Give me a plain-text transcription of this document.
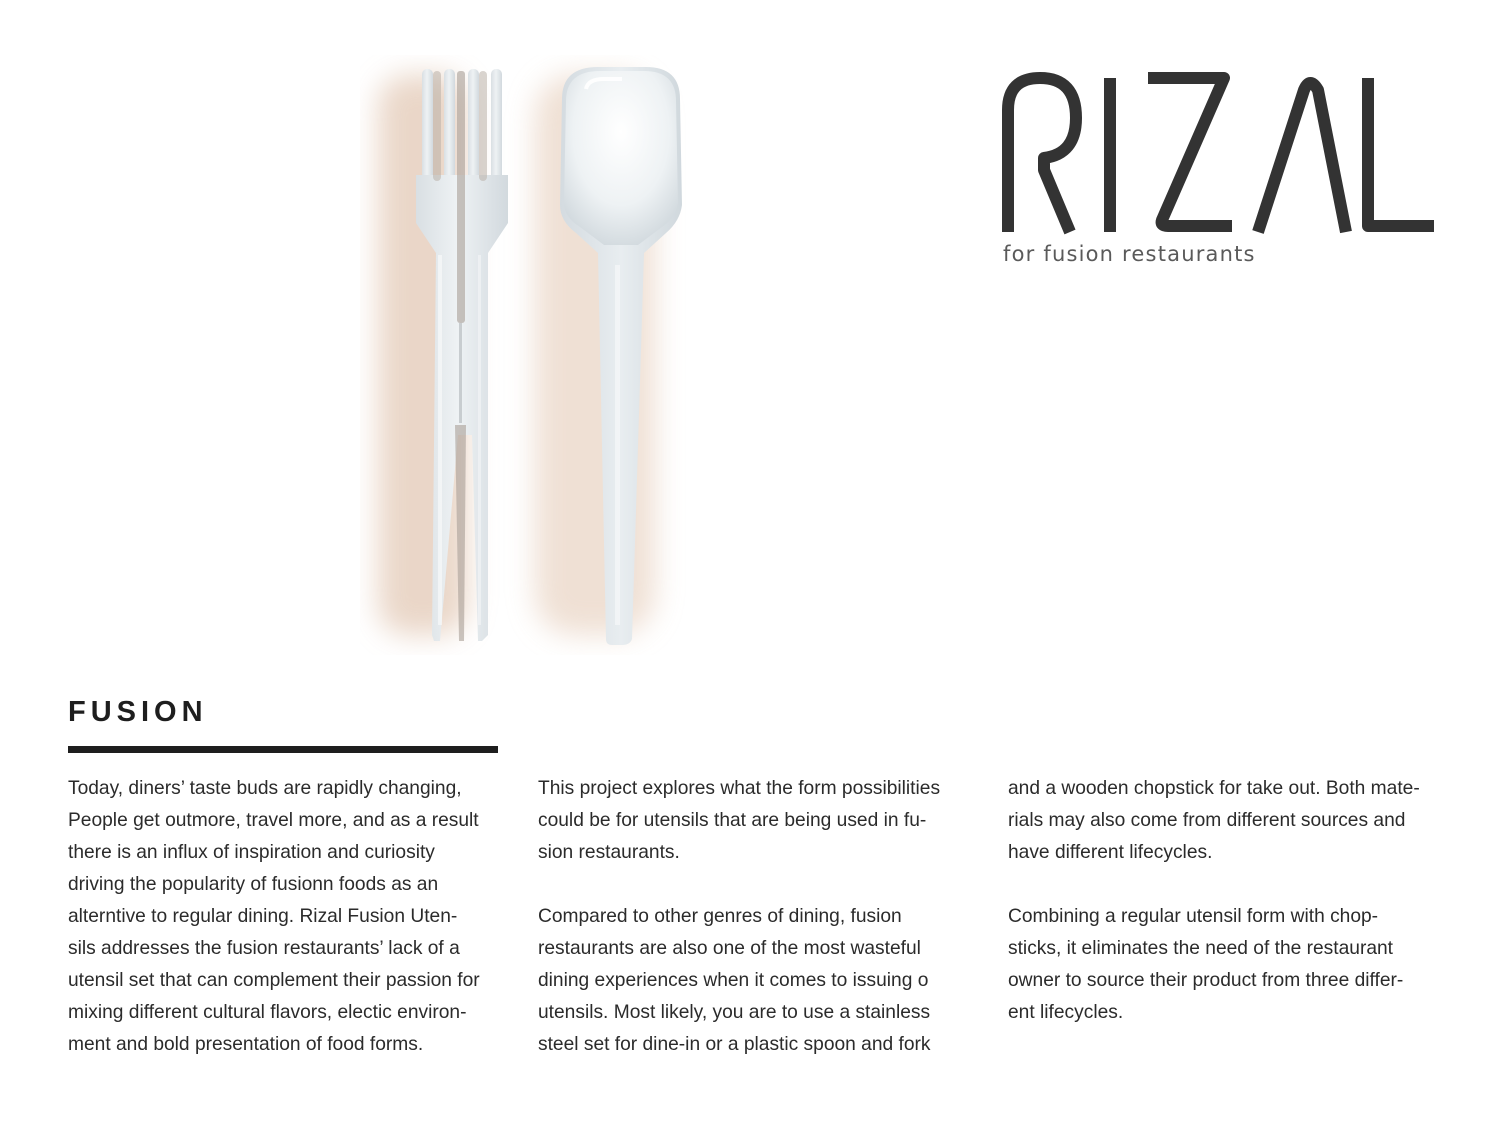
for fusion restaurants
FUSION

Today, diners’ taste buds are rapidly changing,
People get outmore, travel more, and as a result
there is an influx of inspiration and curiosity
driving the popularity of fusionn foods as an
alterntive to regular dining. Rizal Fusion Uten-
sils addresses the fusion restaurants’ lack of a
utensil set that can complement their passion for
mixing different cultural flavors, electic environ-
ment and bold presentation of food forms.

This project explores what the form possibilities
could be for utensils that are being used in fu-
sion restaurants.

Compared to other genres of dining, fusion
restaurants are also one of the most wasteful
dining experiences when it comes to issuing o
utensils. Most likely, you are to use a stainless
steel set for dine-in or a plastic spoon and fork

and a wooden chopstick for take out. Both mate-
rials may also come from different sources and
have different lifecycles.

Combining a regular utensil form with chop-
sticks, it eliminates the need of the restaurant
owner to source their product from three differ-
ent lifecycles.
